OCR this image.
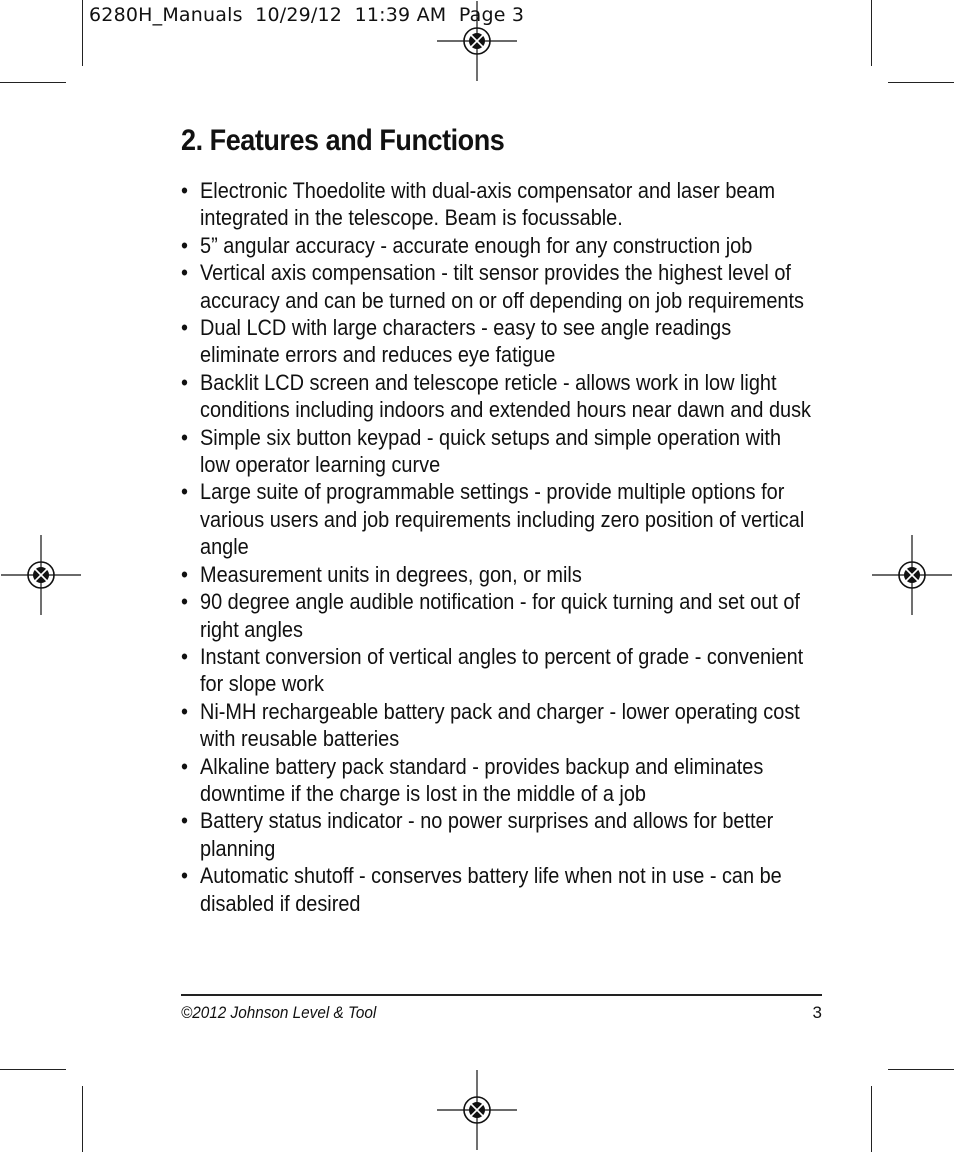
6280H_Manuals  10/29/12  11:39 AM  Page 3
2. Features and Functions
• Electronic Thoedolite with dual-axis compensator and laser beam integrated in the telescope. Beam is focussable.
• 5” angular accuracy - accurate enough for any construction job
• Vertical axis compensation - tilt sensor provides the highest level of accuracy and can be turned on or off depending on job requirements
• Dual LCD with large characters - easy to see angle readings eliminate errors and reduces eye fatigue
• Backlit LCD screen and telescope reticle - allows work in low light conditions including indoors and extended hours near dawn and dusk
• Simple six button keypad - quick setups and simple operation with low operator learning curve
• Large suite of programmable settings - provide multiple options for various users and job requirements including zero position of vertical angle
• Measurement units in degrees, gon, or mils
• 90 degree angle audible notification - for quick turning and set out of right angles
• Instant conversion of vertical angles to percent of grade - convenient for slope work
• Ni-MH rechargeable battery pack and charger - lower operating cost with reusable batteries
• Alkaline battery pack standard - provides backup and eliminates downtime if the charge is lost in the middle of a job
• Battery status indicator - no power surprises and allows for better planning
• Automatic shutoff - conserves battery life when not in use - can be disabled if desired
©2012 Johnson Level & Tool	3
